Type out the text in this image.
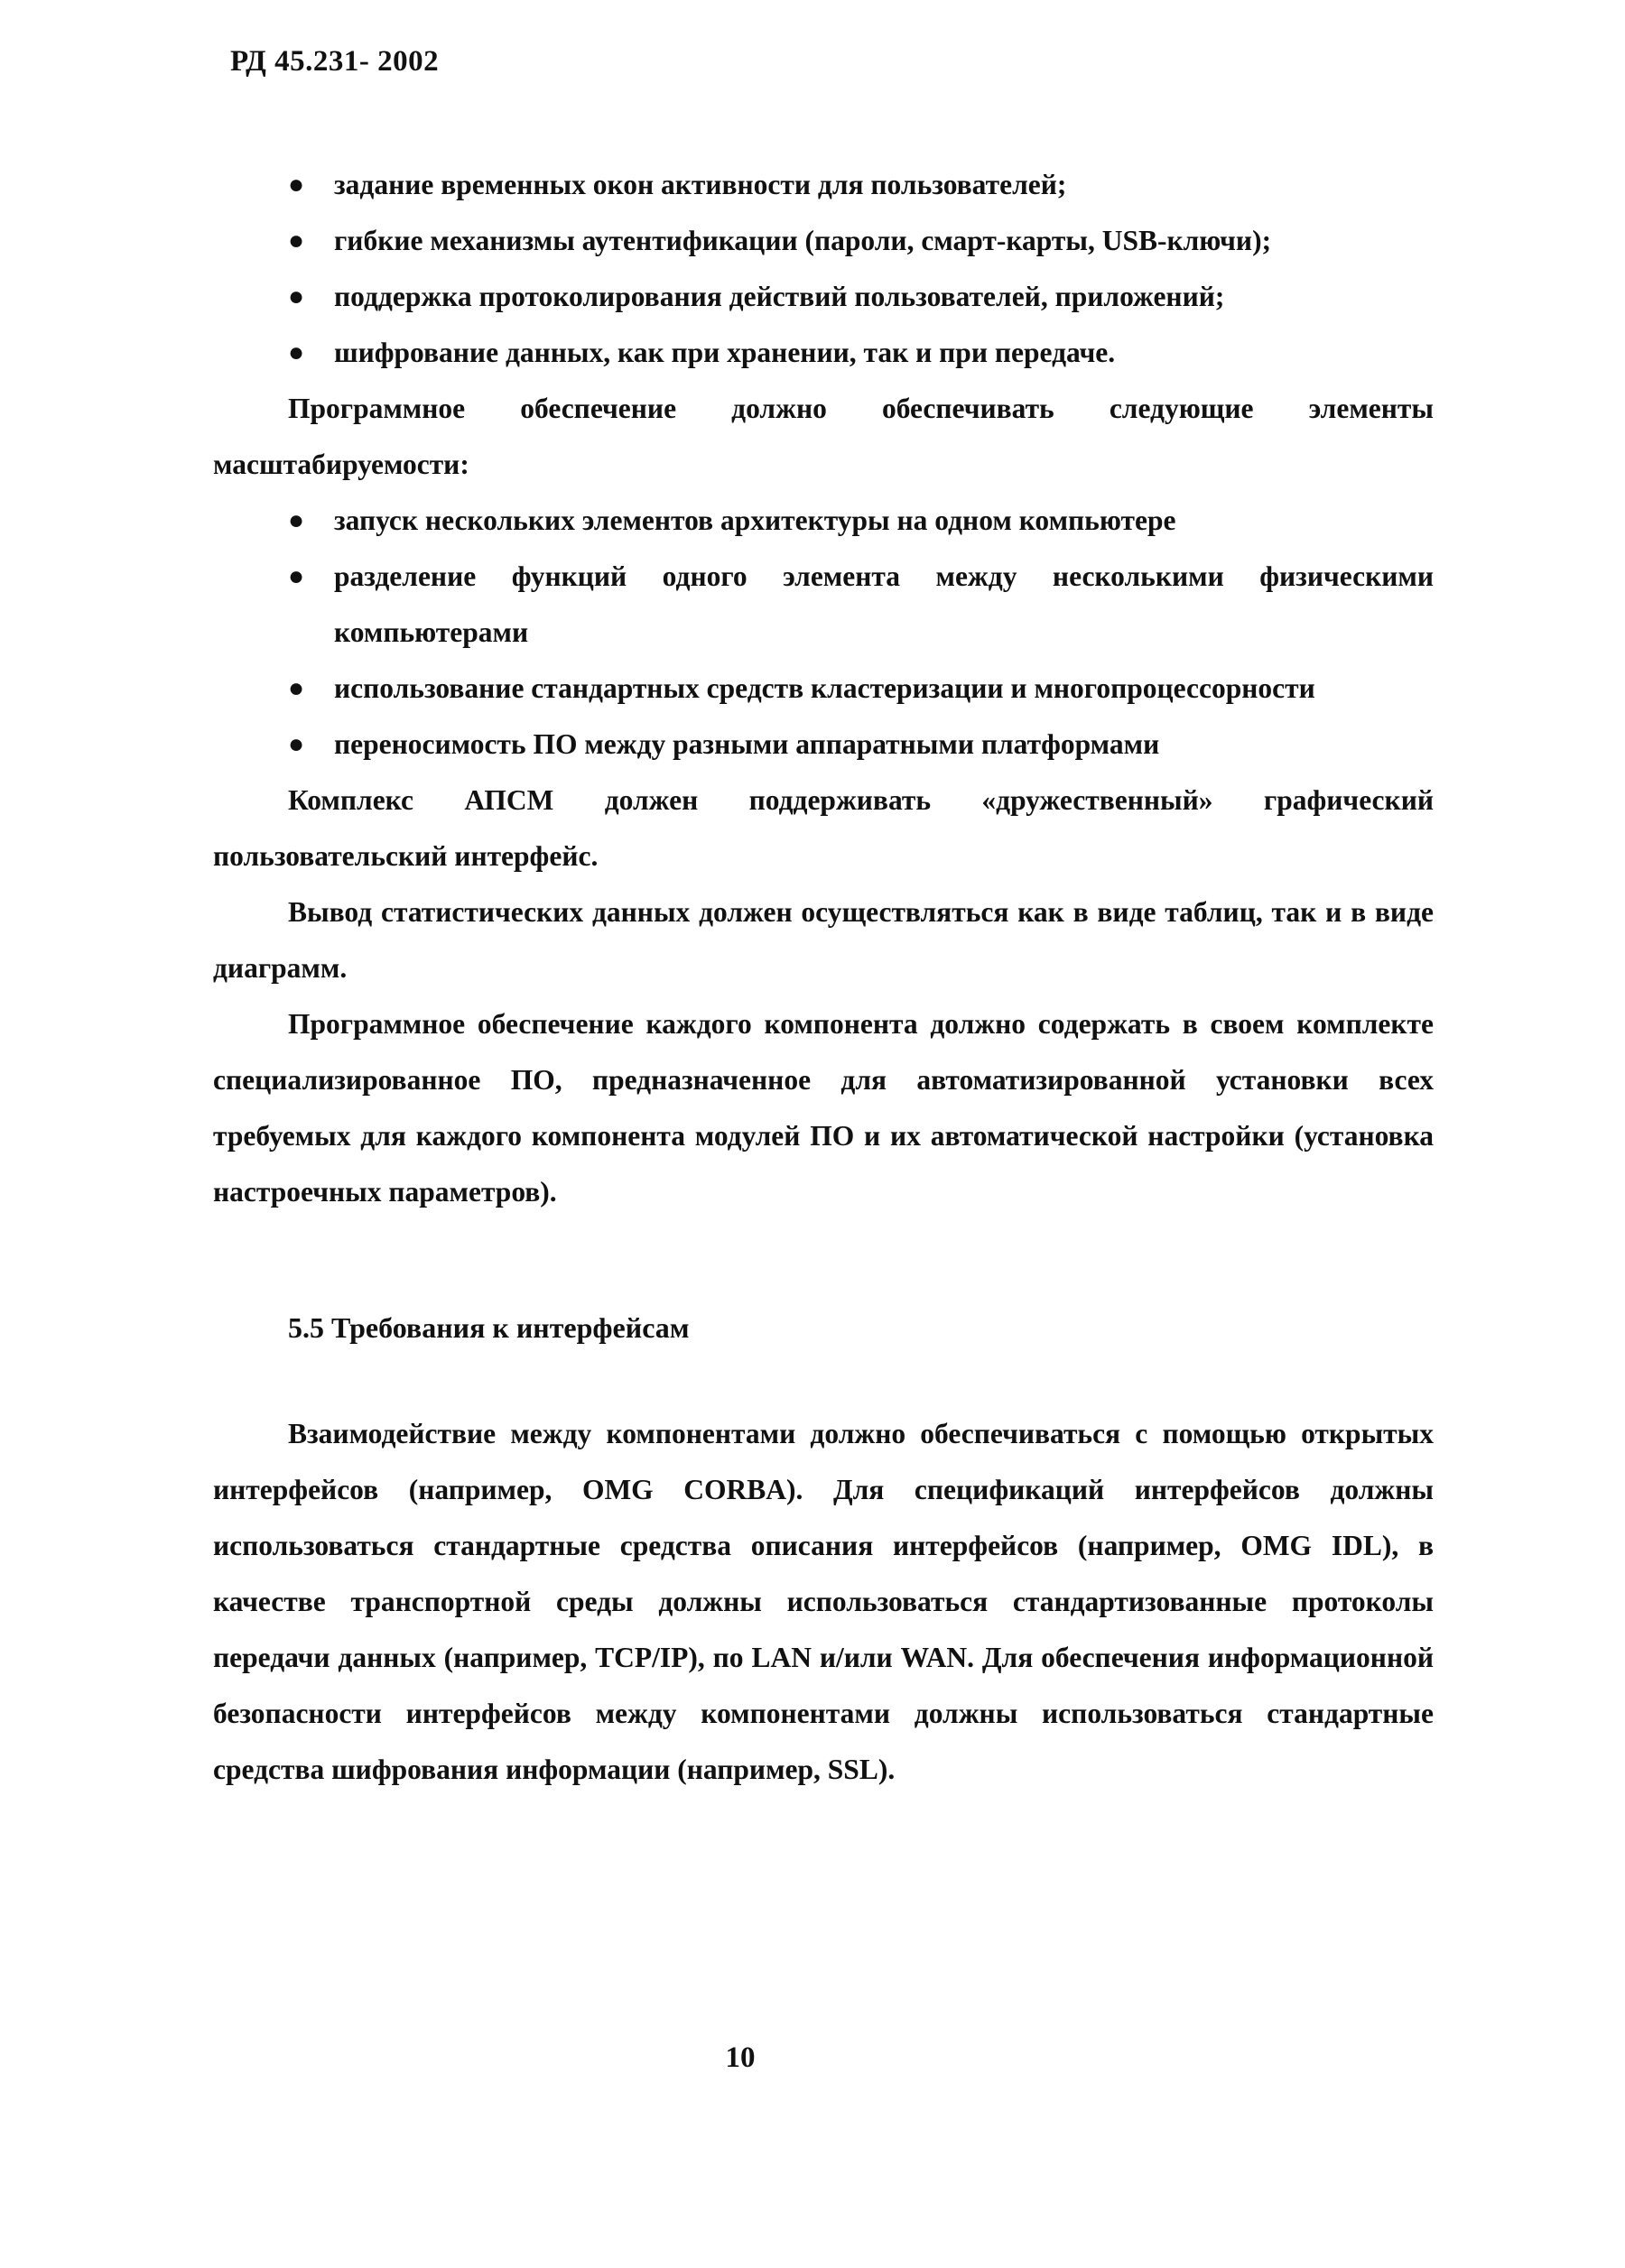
РД 45.231- 2002
● задание временных окон активности для пользователей;
● гибкие механизмы аутентификации (пароли, смарт-карты, USB-ключи);
● поддержка протоколирования действий пользователей, приложений;
● шифрование данных, как при хранении, так и при передаче.

Программное обеспечение должно обеспечивать следующие элементы масштабируемости:

● запуск нескольких элементов архитектуры на одном компьютере
● разделение функций одного элемента между несколькими физическими компьютерами
● использование стандартных средств кластеризации и многопроцессорности
● переносимость ПО между разными аппаратными платформами

Комплекс АПСМ должен поддерживать «дружественный» графический пользовательский интерфейс.

Вывод статистических данных должен осуществляться как в виде таблиц, так и в виде диаграмм.

Программное обеспечение каждого компонента должно содержать в своем комплекте специализированное ПО, предназначенное для автоматизированной установки всех требуемых для каждого компонента модулей ПО и их автоматической настройки (установка настроечных параметров).

5.5 Требования к интерфейсам

Взаимодействие между компонентами должно обеспечиваться с помощью открытых интерфейсов (например, OMG CORBA). Для спецификаций интерфейсов должны использоваться стандартные средства описания интерфейсов (например, OMG IDL), в качестве транспортной среды должны использоваться стандартизованные протоколы передачи данных (например, TCP/IP), по LAN и/или WAN. Для обеспечения информационной безопасности интерфейсов между компонентами должны использоваться стандартные средства шифрования информации (например, SSL).

10
